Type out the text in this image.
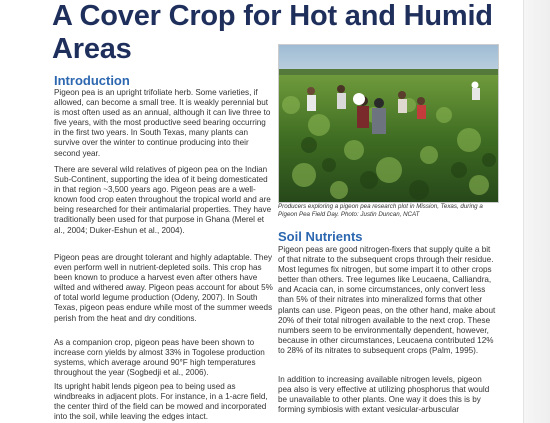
A Cover Crop for Hot and Humid Areas
Introduction

Pigeon pea is an upright trifoliate herb. Some varieties, if allowed, can become a small tree. It is weakly perennial but is most often used as an annual, although it can live three to five years, with the most productive seed bearing occurring in the first two years. In South Texas, many plants can survive over the winter to continue producing into their second year.

There are several wild relatives of pigeon pea on the Indian Sub-Continent, supporting the idea of it being domesticated in that region ~3,500 years ago. Pigeon peas are a well-known food crop eaten throughout the tropical world and are being researched for their antimalarial properties. They have traditionally been used for that purpose in Ghana (Merel et al., 2004; Duker-Eshun et al., 2004).

Pigeon peas are drought tolerant and highly adaptable. They even perform well in nutrient-depleted soils. This crop has been known to produce a harvest even after others have wilted and withered away. Pigeon peas account for about 5% of total world legume production (Odeny, 2007). In South Texas, pigeon peas endure while most of the summer weeds perish from the heat and dry conditions.

As a companion crop, pigeon peas have been shown to increase corn yields by almost 33% in Togolese production systems, which average around 90°F high temperatures throughout the year (Sogbedji et al., 2006).

Its upright habit lends pigeon pea to being used as windbreaks in adjacent plots. For instance, in a 1-acre field, the center third of the field can be mowed and incorporated into the soil, while leaving the edges intact.

Producers exploring a pigeon pea research plot in Mission, Texas, during a Pigeon Pea Field Day. Photo: Justin Duncan, NCAT

Soil Nutrients

Pigeon peas are good nitrogen-fixers that supply quite a bit of that nitrate to the subsequent crops through their residue. Most legumes fix nitrogen, but some impart it to other crops better than others. Tree legumes like Leucaena, Calliandra, and Acacia can, in some circumstances, only convert less than 5% of their nitrates into mineralized forms that other plants can use. Pigeon peas, on the other hand, make about 20% of their total nitrogen available to the next crop. These numbers seem to be environmentally dependent, however, because in other circumstances, Leucaena contributed 12% to 28% of its nitrates to subsequent crops (Palm, 1995).

In addition to increasing available nitrogen levels, pigeon pea also is very effective at utilizing phosphorus that would be unavailable to other plants. One way it does this is by forming symbiosis with extant vesicular-arbuscular
